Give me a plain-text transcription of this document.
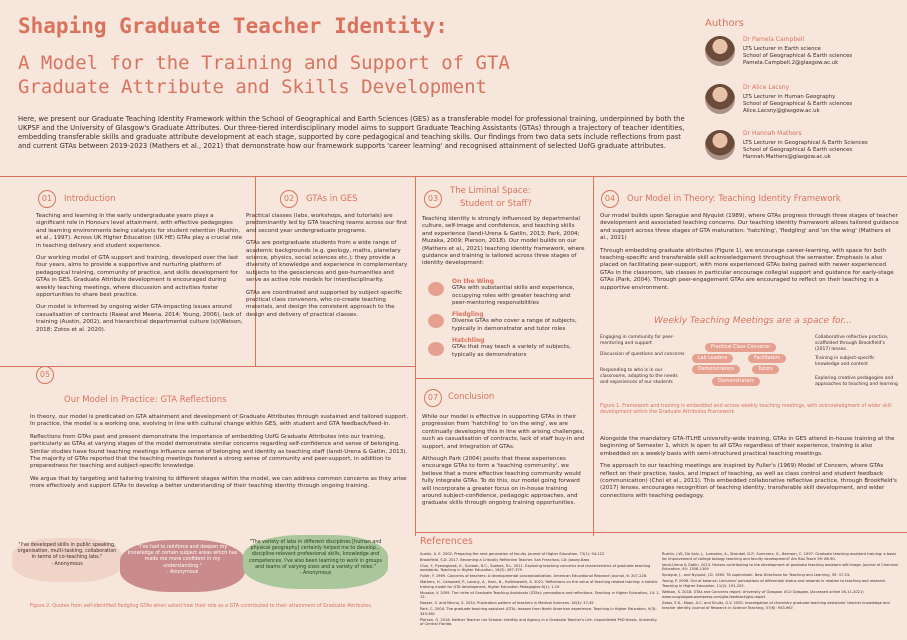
Shaping Graduate Teacher Identity:
A Model for the Training and Support of GTA
Graduate Attribute and Skills Development
Here, we present our Graduate Teaching Identity Framework within the School of Geographical and Earth Sciences (GES) as a transferable model for professional training, underpinned by both the UKPSF and the University of Glasgow's Graduate Attributes. Our three-tiered interdisciplinary model aims to support Graduate Teaching Assistants (GTAs) through a trajectory of teacher identities, embedding transferable skills and graduate attribute development at each stage, supported by core pedagogical and teaching skills. Our findings from two data sets include reflections from past and current GTAs between 2019-2023 (Mathers et al., 2021) that demonstrate how our framework supports 'career learning' and recognised attainment of selected UofG graduate attributes.
Authors
Dr Pamela Campbell
LTS Lecturer in Earth science
School of Geographical & Earth sciences
Pamela.Campbell.2@glasgow.ac.uk
Dr Alice Lacsny
LTS Lecturer in Human Geography
School of Geographical & Earth sciences
Alice.Lacsny@glasgow.ac.uk
Dr Hannah Mathers
LTS Lecturer in Geographical & Earth Sciences
School of Geographical & Earth sciences
Hannah.Mathers@glasgow.ac.uk
01	Introduction

Teaching and learning in the early undergraduate years plays a significant role in Honours level attainment, with effective pedagogies and learning environments being catalysts for student retention (Rushin, et al., 1997). Across UK Higher Education (UK HE) GTAs play a crucial role in teaching delivery and student experience.

Our working model of GTA support and training, developed over the last four years, aims to provide a supportive and nurturing platform of pedagogical training, community of practice, and skills development for GTAs in GES. Graduate Attribute development is encouraged during weekly teaching meetings, where discussion and activities foster opportunities to share best practice.

Our model is informed by ongoing wider GTA-impacting issues around casualisation of contracts (Rawal and Meena, 2014; Young, 2006), lack of training (Austin, 2002), and hierarchical departmental culture (s)(Watson, 2018; Zotos et al. 2020).

02	GTAs in GES

Practical classes (labs, workshops, and tutorials) are predominantly led by GTA teaching teams across our first and second year undergraduate programs.

GTAs are postgraduate students from a wide range of academic backgrounds (e.g. geology, maths, planetary science, physics, social sciences etc.); they provide a diversity of knowledge and experience in complementary subjects to the geosciences and geo-humanities and serve as active role models for interdisciplinarity.

GTAs are coordinated and supported by subject-specific practical class convenors, who co-create teaching materials, and design the consistent approach to the design and delivery of practical classes.

03
The Liminal Space:
Student or Staff?
Teaching identity is strongly influenced by departmental culture, self-image and confidence, and teaching skills and experience (Iandi-Urena & Gatlin, 2013; Park, 2004; Muzaka, 2009; Pierson, 2018). Our model builds on our (Mathers et al., 2021) teaching identity framework, where guidance and training is tailored across three stages of identity development:
On the Wing
GTAs with substantial skills and experience, occupying roles with greater teaching and peer-mentoring responsibilities
Fledgling
Diverse GTAs who cover a range of subjects, typically in demonstrator and tutor roles
Hatchling
GTAs that may teach a variety of subjects, typically as demonstrators
04	Our Model in Theory: Teaching Identity Framework

Our model builds upon Sprague and Nyquist (1989), where GTAs progress through three stages of teacher development and associated teaching concerns. Our teaching identity framework allows tailored guidance and support across three stages of GTA maturation: 'hatchling', 'fledgling' and 'on the wing' (Mathers et al., 2021)

Through embedding graduate attributes (Figure 1), we encourage career-learning, with space for both teaching-specific and transferable skill acknowledgement throughout the semester. Emphasis is also placed on facilitating peer-support, with more experienced GTAs being paired with newer experienced GTAs in the classroom, lab classes in particular encourage collegial support and guidance for early-stage GTAs (Park, 2004). Through peer-engagement GTAs are encouraged to reflect on their teaching in a supportive environment.

Weekly Teaching Meetings are a space for...
Engaging in community for peer-mentoring and support
Discussion of questions and concerns
Responding to who is in our classrooms, adapting to the needs and experiences of our students
Collaborative reflective practice, scaffolded through Brookfield's (2017) lenses.
Training in subject-specific knowledge and content
Exploring creative pedagogies and approaches to teaching and learning
Practical Class Convenor
Lab Leaders	Facilitators
Demonstrators	Tutors
Demonstrators
Figure 1. Framework and training is embedded and across weekly teaching meetings, with acknowledgment of wider skill development within the Graduate Attributes Framework

Alongside the mandatory GTA-ITLHE university-wide training, GTAs in GES attend in-house training at the beginning of Semester 1, which is open to all GTAs regardless of their experience, training is also embedded on a weekly basis with semi-structured practical teaching meetings.

The approach to our teaching meetings are inspired by Fuller's (1969) Model of Concern, where GTAs reflect on their practice, tasks, and impact of teaching, as well as class control and student feedback (communication) (Choi et al., 2011). This embedded collaborative reflective practice, through Brookfield's (2017) lenses, encourages recognition of teaching identity, transferable skill development, and wider connections with teaching pedagogy.

05
Our Model in Practice: GTA Reflections

In theory, our model is predicated on GTA attainment and development of Graduate Attributes through sustained and tailored support. In practice, the model is a working one, evolving in line with cultural change within GES, with student and GTA feedback/feed-in.

Reflections from GTAs past and present demonstrate the importance of embedding UofG Graduate Attributes into our training, particularly as GTAs at varying stages of the model demonstrate similar concerns regarding self-confidence and sense of belonging. Similar studies have found teaching meetings influence sense of belonging and identity as teaching staff (Iandi-Urena & Gatlin, 2013). The majority of GTAs reported that the teaching meetings fostered a strong sense of community and peer-support, in addition to preparedness for teaching and subject-specific knowledge.

We argue that by targeting and tailoring training to different stages within the model, we can address common concerns as they arise more effectively and support GTAs to develop a better understanding of their teaching identity through ongoing training.

"I've developed skills in public speaking, organisation, multi-tasking, collaboration in terms of co-teaching labs."
- Anonymous
"I've had to reinforce and deepen my knowledge of certain subject areas which has made me more confident in my understanding."
- Anonymous
"The variety of labs in different disciplines [human and physical geography] certainly helped me to develop... discipline-relevant professional skills, knowledge and competences. I've also been learning to work in groups and teams of varying sizes and a variety of roles."
- Anonymous
Figure 2. Quotes from self-identified fledgling GTAs when asked how their role as a GTA contributed to their attainment of Graduate Attributes.
07	Conclusion

While our model is effective in supporting GTAs in their progression from 'hatchling' to 'on the wing', we are continually developing this in line with arising challenges, such as casualisation of contracts, lack of staff buy-in and support, and integration of GTAs.

Although Park (2004) posits that these experiences encourage GTAs to form a 'teaching community', we believe that a more effective teaching community would fully integrate GTAs. To do this, our model going forward will incorporate a greater focus on in-house training around subject-confidence, pedagogic approaches, and graduate skills through ongoing training opportunities.

References
Austin, A. E. 2002. Preparing the next generation of faculty. Journal of Higher Education, 73(1): 94-122
Brookfield, S.D. 2017. Becoming a Critically Reflective Teacher. San Francisco, CA: Jossey-Bass
Choi, Y., Pyeongkook, K., Sunoah, R.C., Soohee, R.L. 2011. Exploring teaching concerns and characteristics of graduate teaching assistants. Teaching in Higher Education, 16(3): 367-379
Fuller, F. 1969. Concerns of teachers: A developmental conceptualization. American Educational Research Journal, 6: 207-226.
Mathers, H., Campbell, P., Lacsny, A., Harn, N., Hollinsworth, A. 2021. Reflections on the value of teaching related training: a holistic training model for GTA development. Higher Education Pedagogies 6(1): 1-19
Muzaka, V. 2009. The niche of Graduate Teaching Assistants (GTAs): perceptions and reflections. Teaching in Higher Education, 14: 1-12.
Nasser, S. and Mecna, S. 2014. Publication pattern of teachers in Medical Sciences. 18(3): 37-45
Park, C. 2004. The graduate teaching assistant (GTA): lessons from North American experience. Teaching in Higher Education, 9(3): 349-361
Pierson, G. 2018. Neither Teacher nor Scholar: Identity and Agency in a Graduate Teacher's Life. Unpublished PhD thesis. University of Central Florida.
Rushin, J.W., De Saix, J., Lumsden, A., Streubel, D.P., Summers, G., Bernson, C. 1997. Graduate teaching assistant training: a basis for improvement of college biology teaching and faculty development? Am Biol Teach 59: 86-90.
Iandi-Urena & Gatlin. 2013. Factors contributing to the development of graduate teaching assistant self-image. Journal of Chemical Education, 90: 1308-1309
Sprague, J., and Nyquist, J.D. 1989. TA supervision. New Directions for Teaching and Learning, 39: 37-53.
Young, P. 2006. Out of balance: Lecturers' perceptions of differential status and rewards in relation to teaching and research. Teaching in Higher Education, 11(2): 191-202.
Watson, S. 2018. GTAs and Concerns report. University of Glasgow. UCU Glasgow. (Accessed online 26-11-2021)
www.ucuglasgow.wordpress.com/gta-feedback/gta-report
Zotos, E.K., Moon, A.C. and Shultz, G.V. 2020. Investigation of chemistry graduate teaching assistants' teacher knowledge and teacher identity. Journal of Research in Science Teaching, 57(6): 943-967.
